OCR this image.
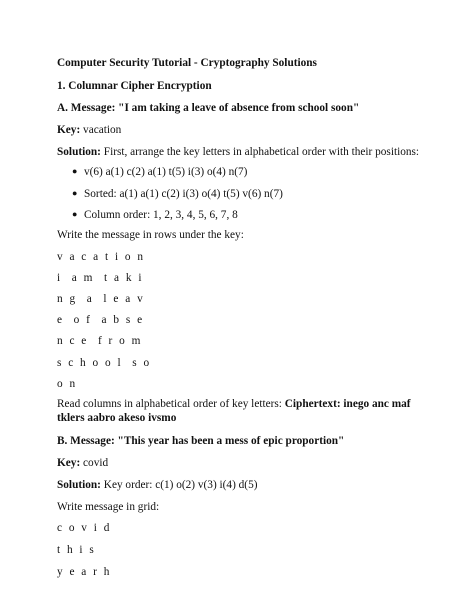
Computer Security Tutorial - Cryptography Solutions
1. Columnar Cipher Encryption
A. Message: "I am taking a leave of absence from school soon"
Key: vacation
Solution: First, arrange the key letters in alphabetical order with their positions:
● v(6) a(1) c(2) a(1) t(5) i(3) o(4) n(7)
● Sorted: a(1) a(1) c(2) i(3) o(4) t(5) v(6) n(7)
● Column order: 1, 2, 3, 4, 5, 6, 7, 8
Write the message in rows under the key:
v a c a t i o n
i  a m  t a k i
n g  a  l e a v
e  o f  a b s e
n c e  f r o m
s c h o o l  s o
o n
Read columns in alphabetical order of key letters: Ciphertext: inego anc maf tklers aabro akeso ivsmo
B. Message: "This year has been a mess of epic proportion"
Key: covid
Solution: Key order: c(1) o(2) v(3) i(4) d(5)
Write message in grid:
c o v i d
t h i s
y e a r h
